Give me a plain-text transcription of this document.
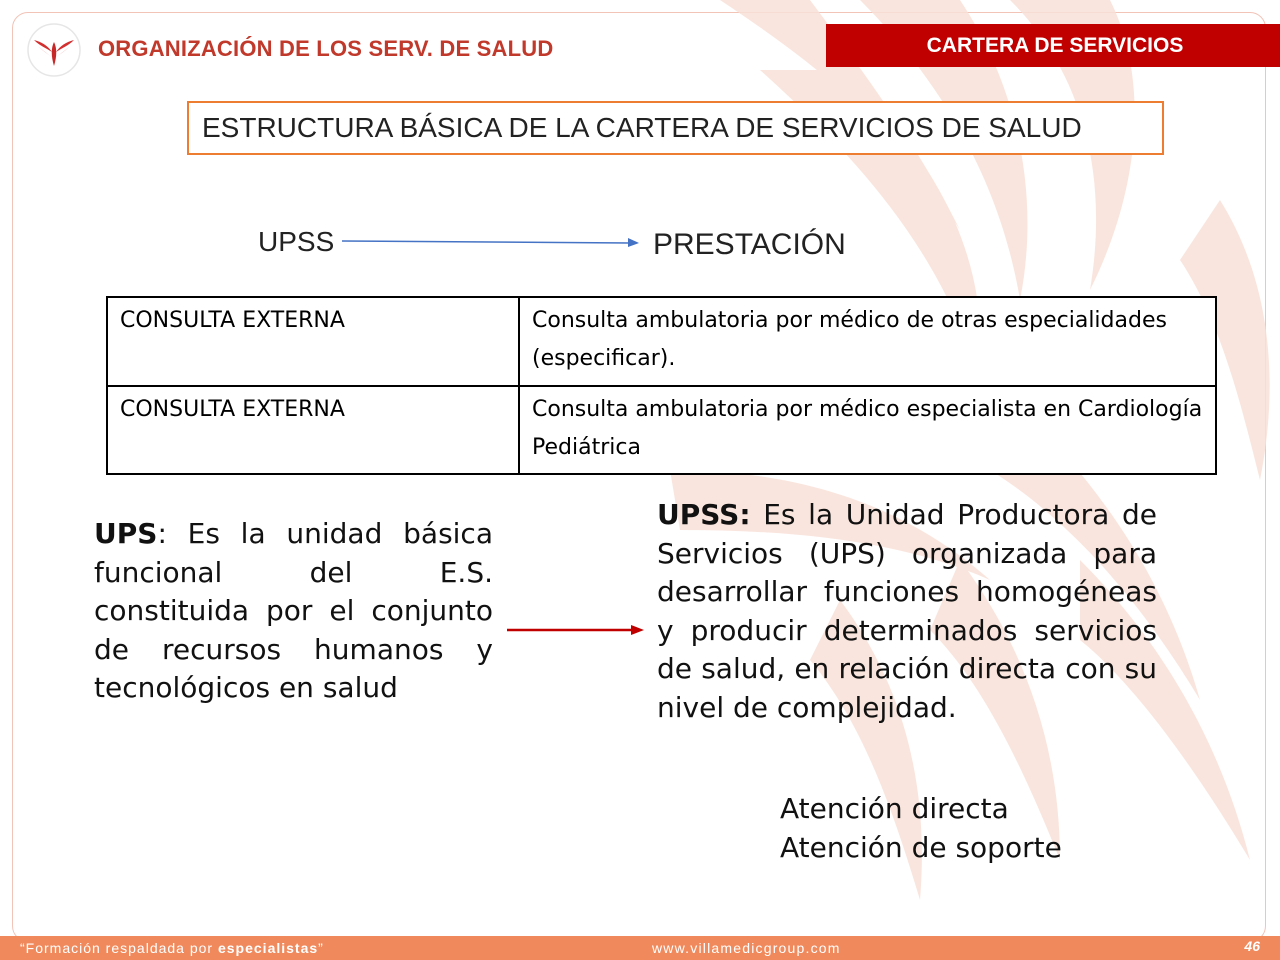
ORGANIZACIÓN DE LOS SERV. DE SALUD	CARTERA DE SERVICIOS
ESTRUCTURA BÁSICA DE LA CARTERA DE SERVICIOS DE SALUD
UPSS	PRESTACIÓN
CONSULTA EXTERNA	Consulta ambulatoria por médico de otras especialidades (especificar).
CONSULTA EXTERNA	Consulta ambulatoria por médico especialista en Cardiología Pediátrica
UPS: Es la unidad básica funcional del E.S. constituida por el conjunto de recursos humanos y tecnológicos en salud
UPSS: Es la Unidad Productora de Servicios (UPS) organizada para desarrollar funciones homogéneas y producir determinados servicios de salud, en relación directa con su nivel de complejidad.
Atención directa
Atención de soporte
“Formación respaldada por especialistas”	www.villamedicgroup.com	46
